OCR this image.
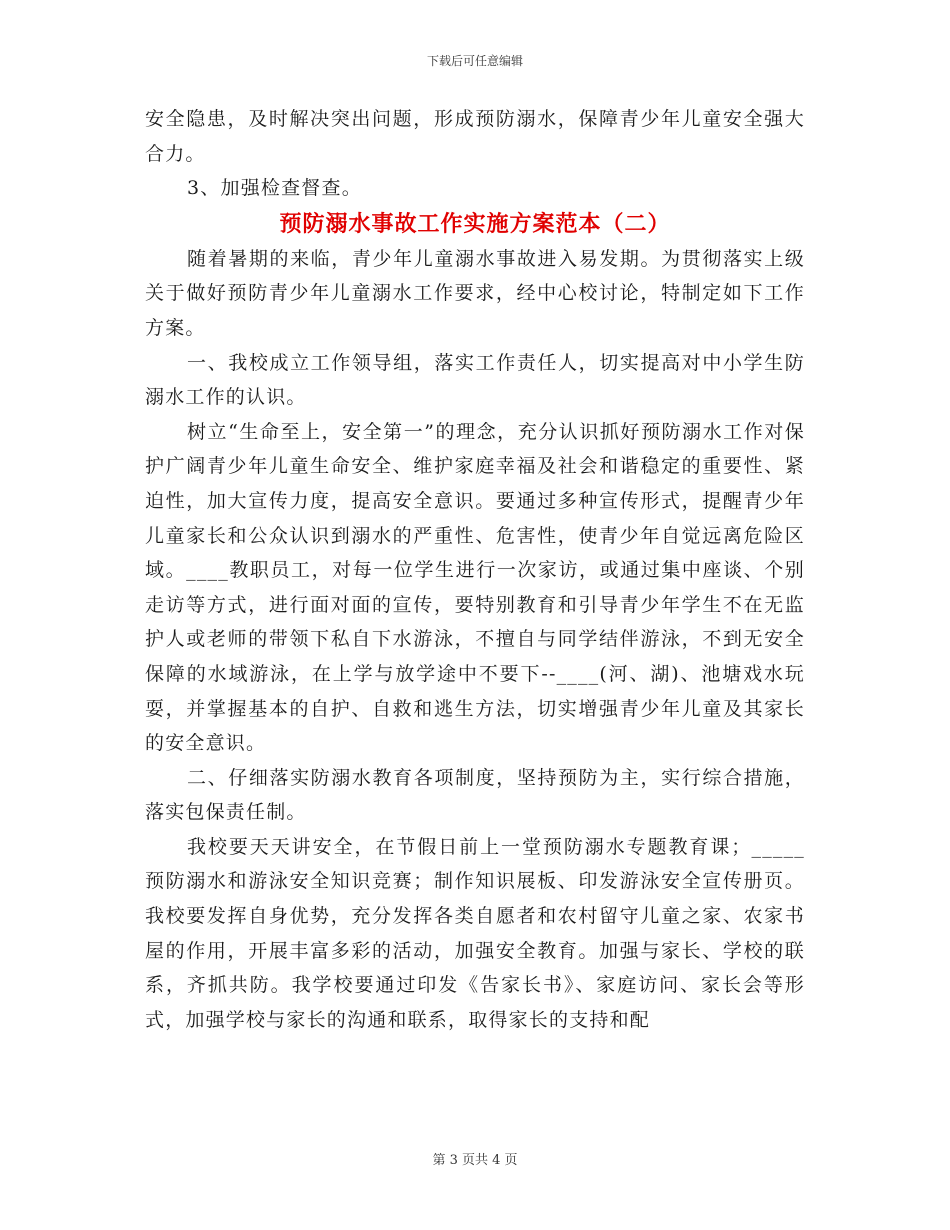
下载后可任意编辑

安全隐患，及时解决突出问题，形成预防溺水，保障青少年儿童安全强大合力。

3、加强检查督查。

预防溺水事故工作实施方案范本（二）

随着暑期的来临，青少年儿童溺水事故进入易发期。为贯彻落实上级关于做好预防青少年儿童溺水工作要求，经中心校讨论，特制定如下工作方案。

一、我校成立工作领导组，落实工作责任人，切实提高对中小学生防溺水工作的认识。

树立“生命至上，安全第一”的理念，充分认识抓好预防溺水工作对保护广阔青少年儿童生命安全、维护家庭幸福及社会和谐稳定的重要性、紧迫性，加大宣传力度，提高安全意识。要通过多种宣传形式，提醒青少年儿童家长和公众认识到溺水的严重性、危害性，使青少年自觉远离危险区域。____教职员工，对每一位学生进行一次家访，或通过集中座谈、个别走访等方式，进行面对面的宣传，要特别教育和引导青少年学生不在无监护人或老师的带领下私自下水游泳，不擅自与同学结伴游泳，不到无安全保障的水域游泳，在上学与放学途中不要下--____(河、湖)、池塘戏水玩耍，并掌握基本的自护、自救和逃生方法，切实增强青少年儿童及其家长的安全意识。

二、仔细落实防溺水教育各项制度，坚持预防为主，实行综合措施，落实包保责任制。

我校要天天讲安全，在节假日前上一堂预防溺水专题教育课；_____预防溺水和游泳安全知识竞赛；制作知识展板、印发游泳安全宣传册页。我校要发挥自身优势，充分发挥各类自愿者和农村留守儿童之家、农家书屋的作用，开展丰富多彩的活动，加强安全教育。加强与家长、学校的联系，齐抓共防。我学校要通过印发《告家长书》、家庭访问、家长会等形式，加强学校与家长的沟通和联系，取得家长的支持和配

第 3 页共 4 页
